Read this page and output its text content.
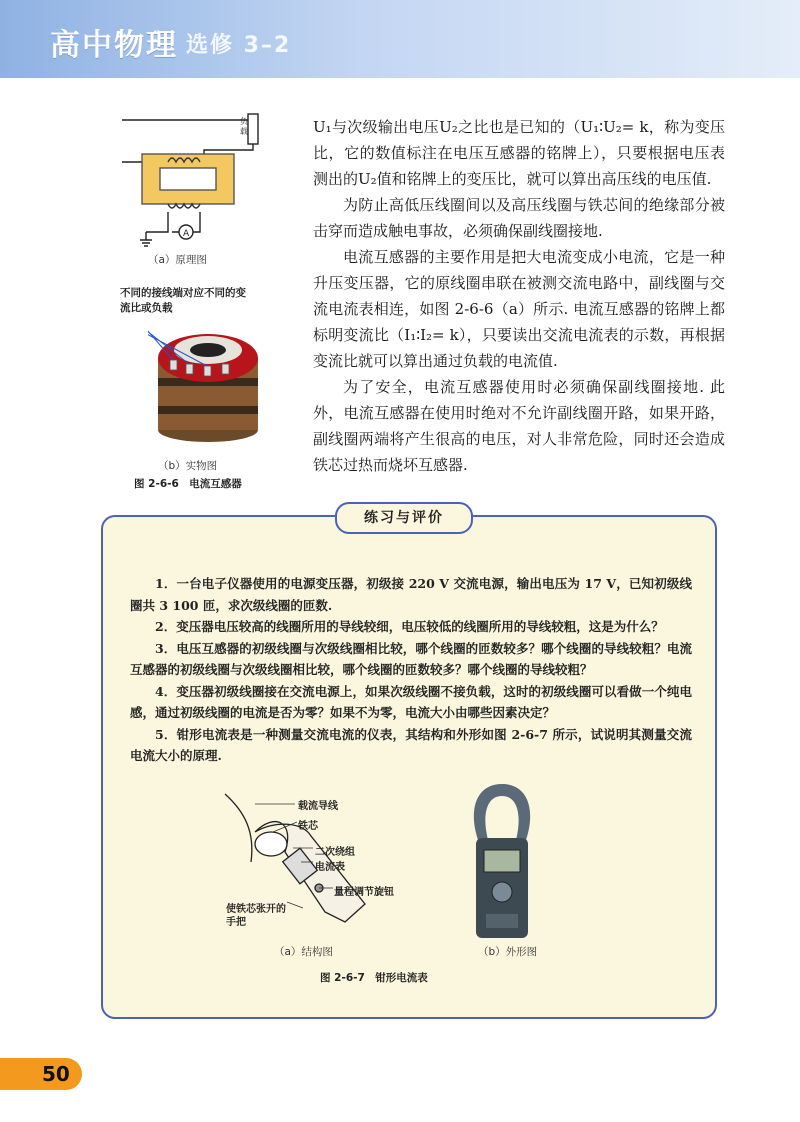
高中物理 选修 3–2
A
负
载
（a）原理图
不同的接线端对应不同的变流比或负载
（b）实物图
图 2-6-6　电流互感器

U₁与次级输出电压U₂之比也是已知的（U₁∶U₂= k，称为变压比，它的数值标注在电压互感器的铭牌上），只要根据电压表测出的U₂值和铭牌上的变压比，就可以算出高压线的电压值.

为防止高低压线圈间以及高压线圈与铁芯间的绝缘部分被击穿而造成触电事故，必须确保副线圈接地.

电流互感器的主要作用是把大电流变成小电流，它是一种升压变压器，它的原线圈串联在被测交流电路中，副线圈与交流电流表相连，如图 2-6-6（a）所示. 电流互感器的铭牌上都标明变流比（I₁∶I₂= k），只要读出交流电流表的示数，再根据变流比就可以算出通过负载的电流值.

为了安全，电流互感器使用时必须确保副线圈接地. 此外，电流互感器在使用时绝对不允许副线圈开路，如果开路，副线圈两端将产生很高的电压，对人非常危险，同时还会造成铁芯过热而烧坏互感器.

练习与评价

1．一台电子仪器使用的电源变压器，初级接 220 V 交流电源，输出电压为 17 V，已知初级线圈共 3 100 匝，求次级线圈的匝数.

2．变压器电压较高的线圈所用的导线较细，电压较低的线圈所用的导线较粗，这是为什么？

3．电压互感器的初级线圈与次级线圈相比较，哪个线圈的匝数较多？哪个线圈的导线较粗？电流互感器的初级线圈与次级线圈相比较，哪个线圈的匝数较多？哪个线圈的导线较粗？

4．变压器初级线圈接在交流电源上，如果次级线圈不接负载，这时的初级线圈可以看做一个纯电感，通过初级线圈的电流是否为零？如果不为零，电流大小由哪些因素决定？

5．钳形电流表是一种测量交流电流的仪表，其结构和外形如图 2-6-7 所示，试说明其测量交流电流大小的原理.

载流导线
铁芯
二次绕组
电流表
量程调节旋钮
使铁芯张开的手把
（a）结构图	（b）外形图
图 2-6-7　钳形电流表
50
